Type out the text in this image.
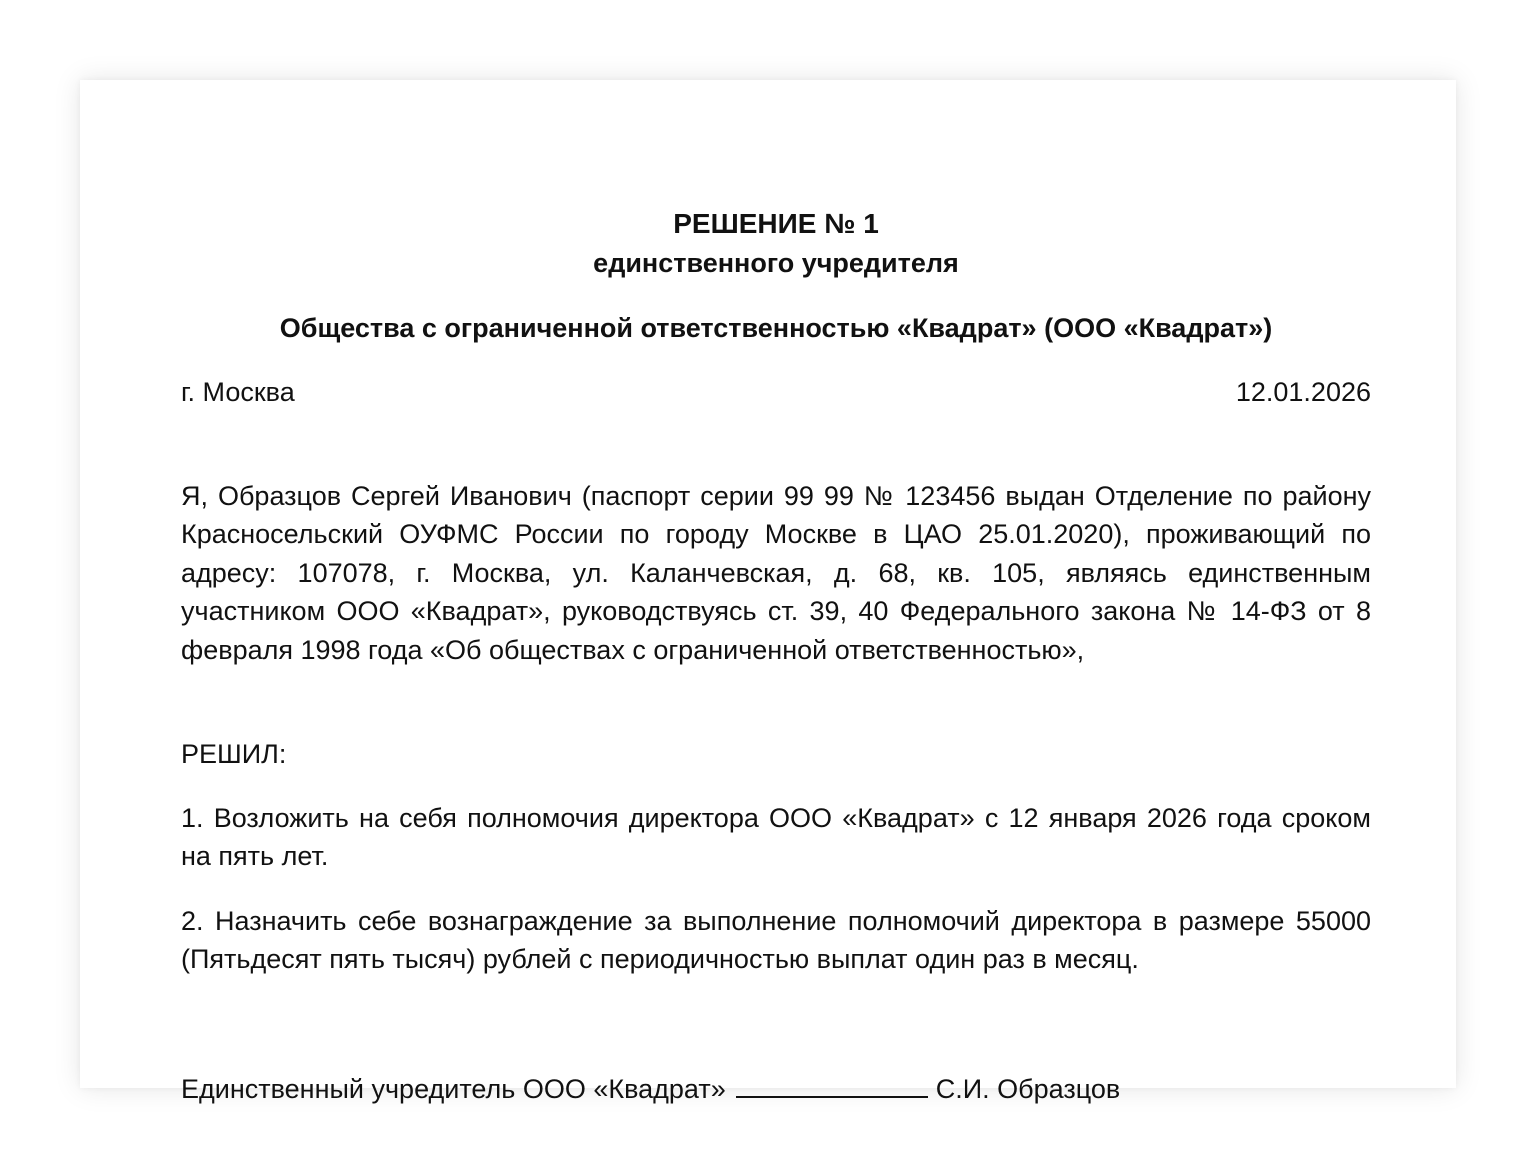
РЕШЕНИЕ № 1
единственного учредителя
Общества с ограниченной ответственностью «Квадрат» (ООО «Квадрат»)
г. Москва	12.01.2026

Я, Образцов Сергей Иванович (паспорт серии 99 99 № 123456 выдан Отделение по району Красносельский ОУФМС России по городу Москве в ЦАО 25.01.2020), проживающий по адресу: 107078, г. Москва, ул. Каланчевская, д. 68, кв. 105, являясь единственным участником ООО «Квадрат», руководствуясь ст. 39, 40 Федерального закона № 14-ФЗ от 8 февраля 1998 года «Об обществах с ограниченной ответственностью»,

РЕШИЛ:

1. Возложить на себя полномочия директора ООО «Квадрат» с 12 января 2026 года сроком на пять лет.

2. Назначить себе вознаграждение за выполнение полномочий директора в размере 55000 (Пятьдесят пять тысяч) рублей с периодичностью выплат один раз в месяц.

Единственный учредитель ООО «Квадрат»	С.И. Образцов
